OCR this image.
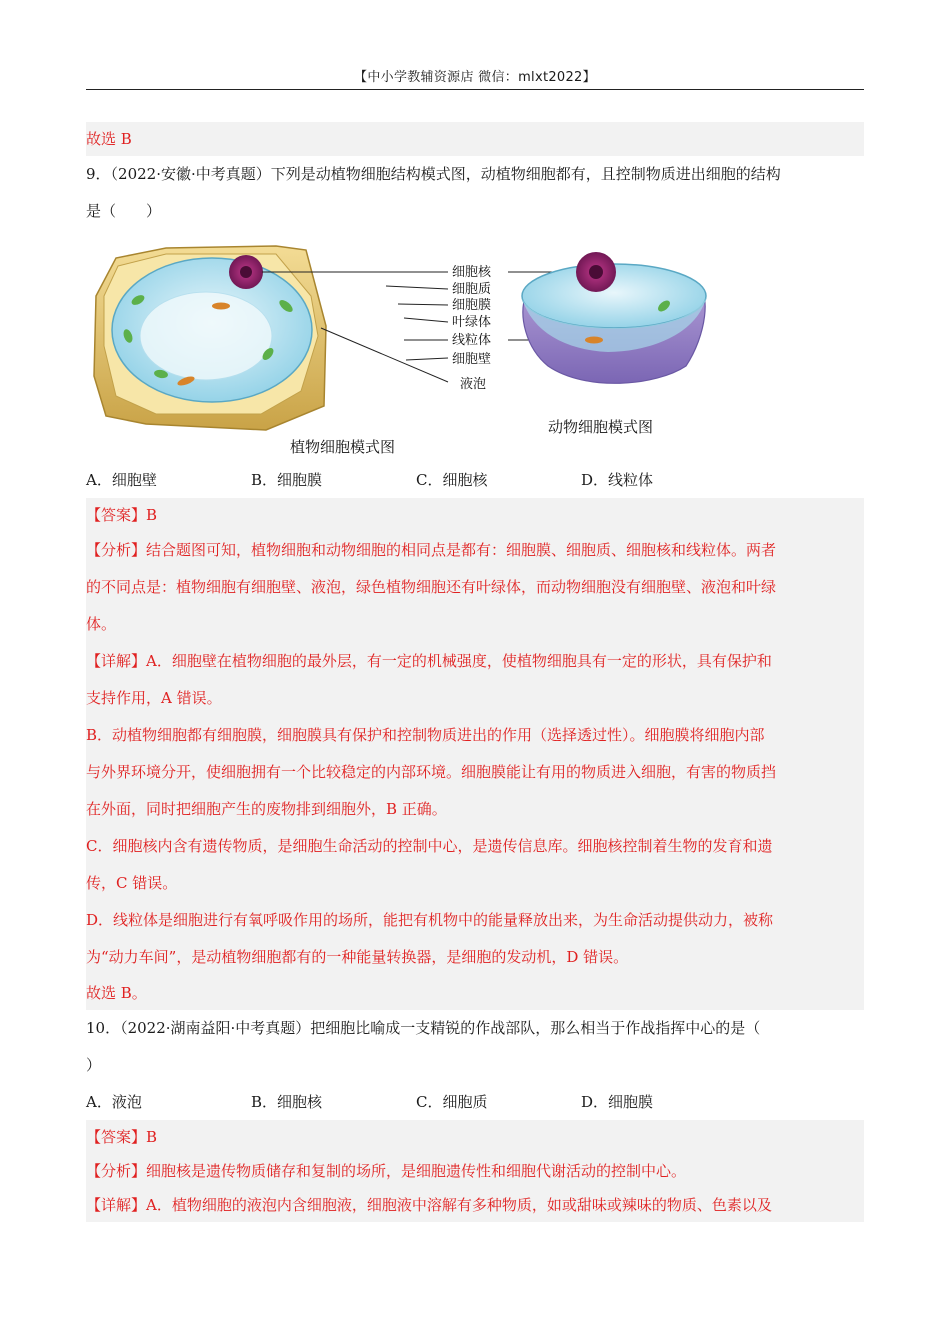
【中小学教辅资源店 微信：mlxt2022】
故选 B
9．（2022·安徽·中考真题）下列是动植物细胞结构模式图，动植物细胞都有，且控制物质进出细胞的结构
是（　　）
植物细胞模式图
细胞核
细胞质
细胞膜
叶绿体
线粒体
细胞壁
液泡
动物细胞模式图
A．细胞壁	B．细胞膜	C．细胞核	D．线粒体
【答案】B
【分析】结合题图可知，植物细胞和动物细胞的相同点是都有：细胞膜、细胞质、细胞核和线粒体。两者
的不同点是：植物细胞有细胞壁、液泡，绿色植物细胞还有叶绿体，而动物细胞没有细胞壁、液泡和叶绿
体。
【详解】A．细胞壁在植物细胞的最外层，有一定的机械强度，使植物细胞具有一定的形状，具有保护和
支持作用，A 错误。
B．动植物细胞都有细胞膜，细胞膜具有保护和控制物质进出的作用（选择透过性）。细胞膜将细胞内部
与外界环境分开，使细胞拥有一个比较稳定的内部环境。细胞膜能让有用的物质进入细胞，有害的物质挡
在外面，同时把细胞产生的废物排到细胞外，B 正确。
C．细胞核内含有遗传物质，是细胞生命活动的控制中心，是遗传信息库。细胞核控制着生物的发育和遗
传，C 错误。
D．线粒体是细胞进行有氧呼吸作用的场所，能把有机物中的能量释放出来，为生命活动提供动力，被称
为“动力车间”，是动植物细胞都有的一种能量转换器，是细胞的发动机，D 错误。
故选 B。
10．（2022·湖南益阳·中考真题）把细胞比喻成一支精锐的作战部队，那么相当于作战指挥中心的是（
）
A．液泡	B．细胞核	C．细胞质	D．细胞膜
【答案】B
【分析】细胞核是遗传物质储存和复制的场所，是细胞遗传性和细胞代谢活动的控制中心。
【详解】A．植物细胞的液泡内含细胞液，细胞液中溶解有多种物质，如或甜味或辣味的物质、色素以及
